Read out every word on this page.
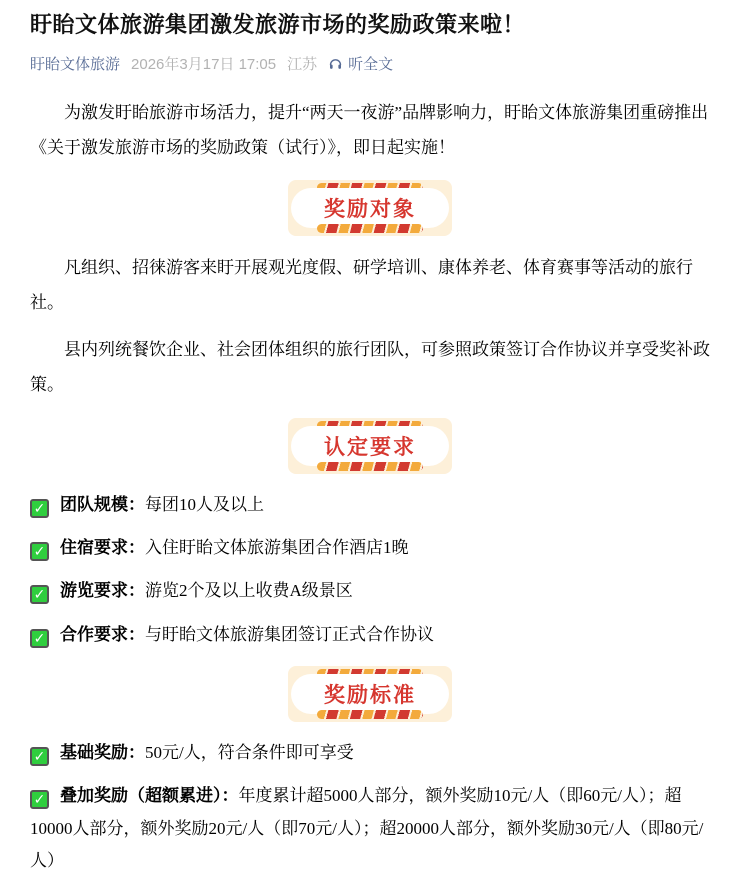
盱眙文体旅游集团激发旅游市场的奖励政策来啦！
盱眙文体旅游 2026年3月17日 17:05 江苏 听全文

为激发盱眙旅游市场活力，提升“两天一夜游”品牌影响力，盱眙文体旅游集团重磅推出《关于激发旅游市场的奖励政策（试行）》，即日起实施！

奖励对象

凡组织、招徕游客来盱开展观光度假、研学培训、康体养老、体育赛事等活动的旅行社。

县内列统餐饮企业、社会团体组织的旅行团队，可参照政策签订合作协议并享受奖补政策。

认定要求

✓ 团队规模：每团10人及以上

✓ 住宿要求：入住盱眙文体旅游集团合作酒店1晚

✓ 游览要求：游览2个及以上收费A级景区

✓ 合作要求：与盱眙文体旅游集团签订正式合作协议

奖励标准

✓ 基础奖励：50元/人，符合条件即可享受

✓ 叠加奖励（超额累进）：年度累计超5000人部分，额外奖励10元/人（即60元/人）；超10000人部分，额外奖励20元/人（即70元/人）；超20000人部分，额外奖励30元/人（即80元/人）
